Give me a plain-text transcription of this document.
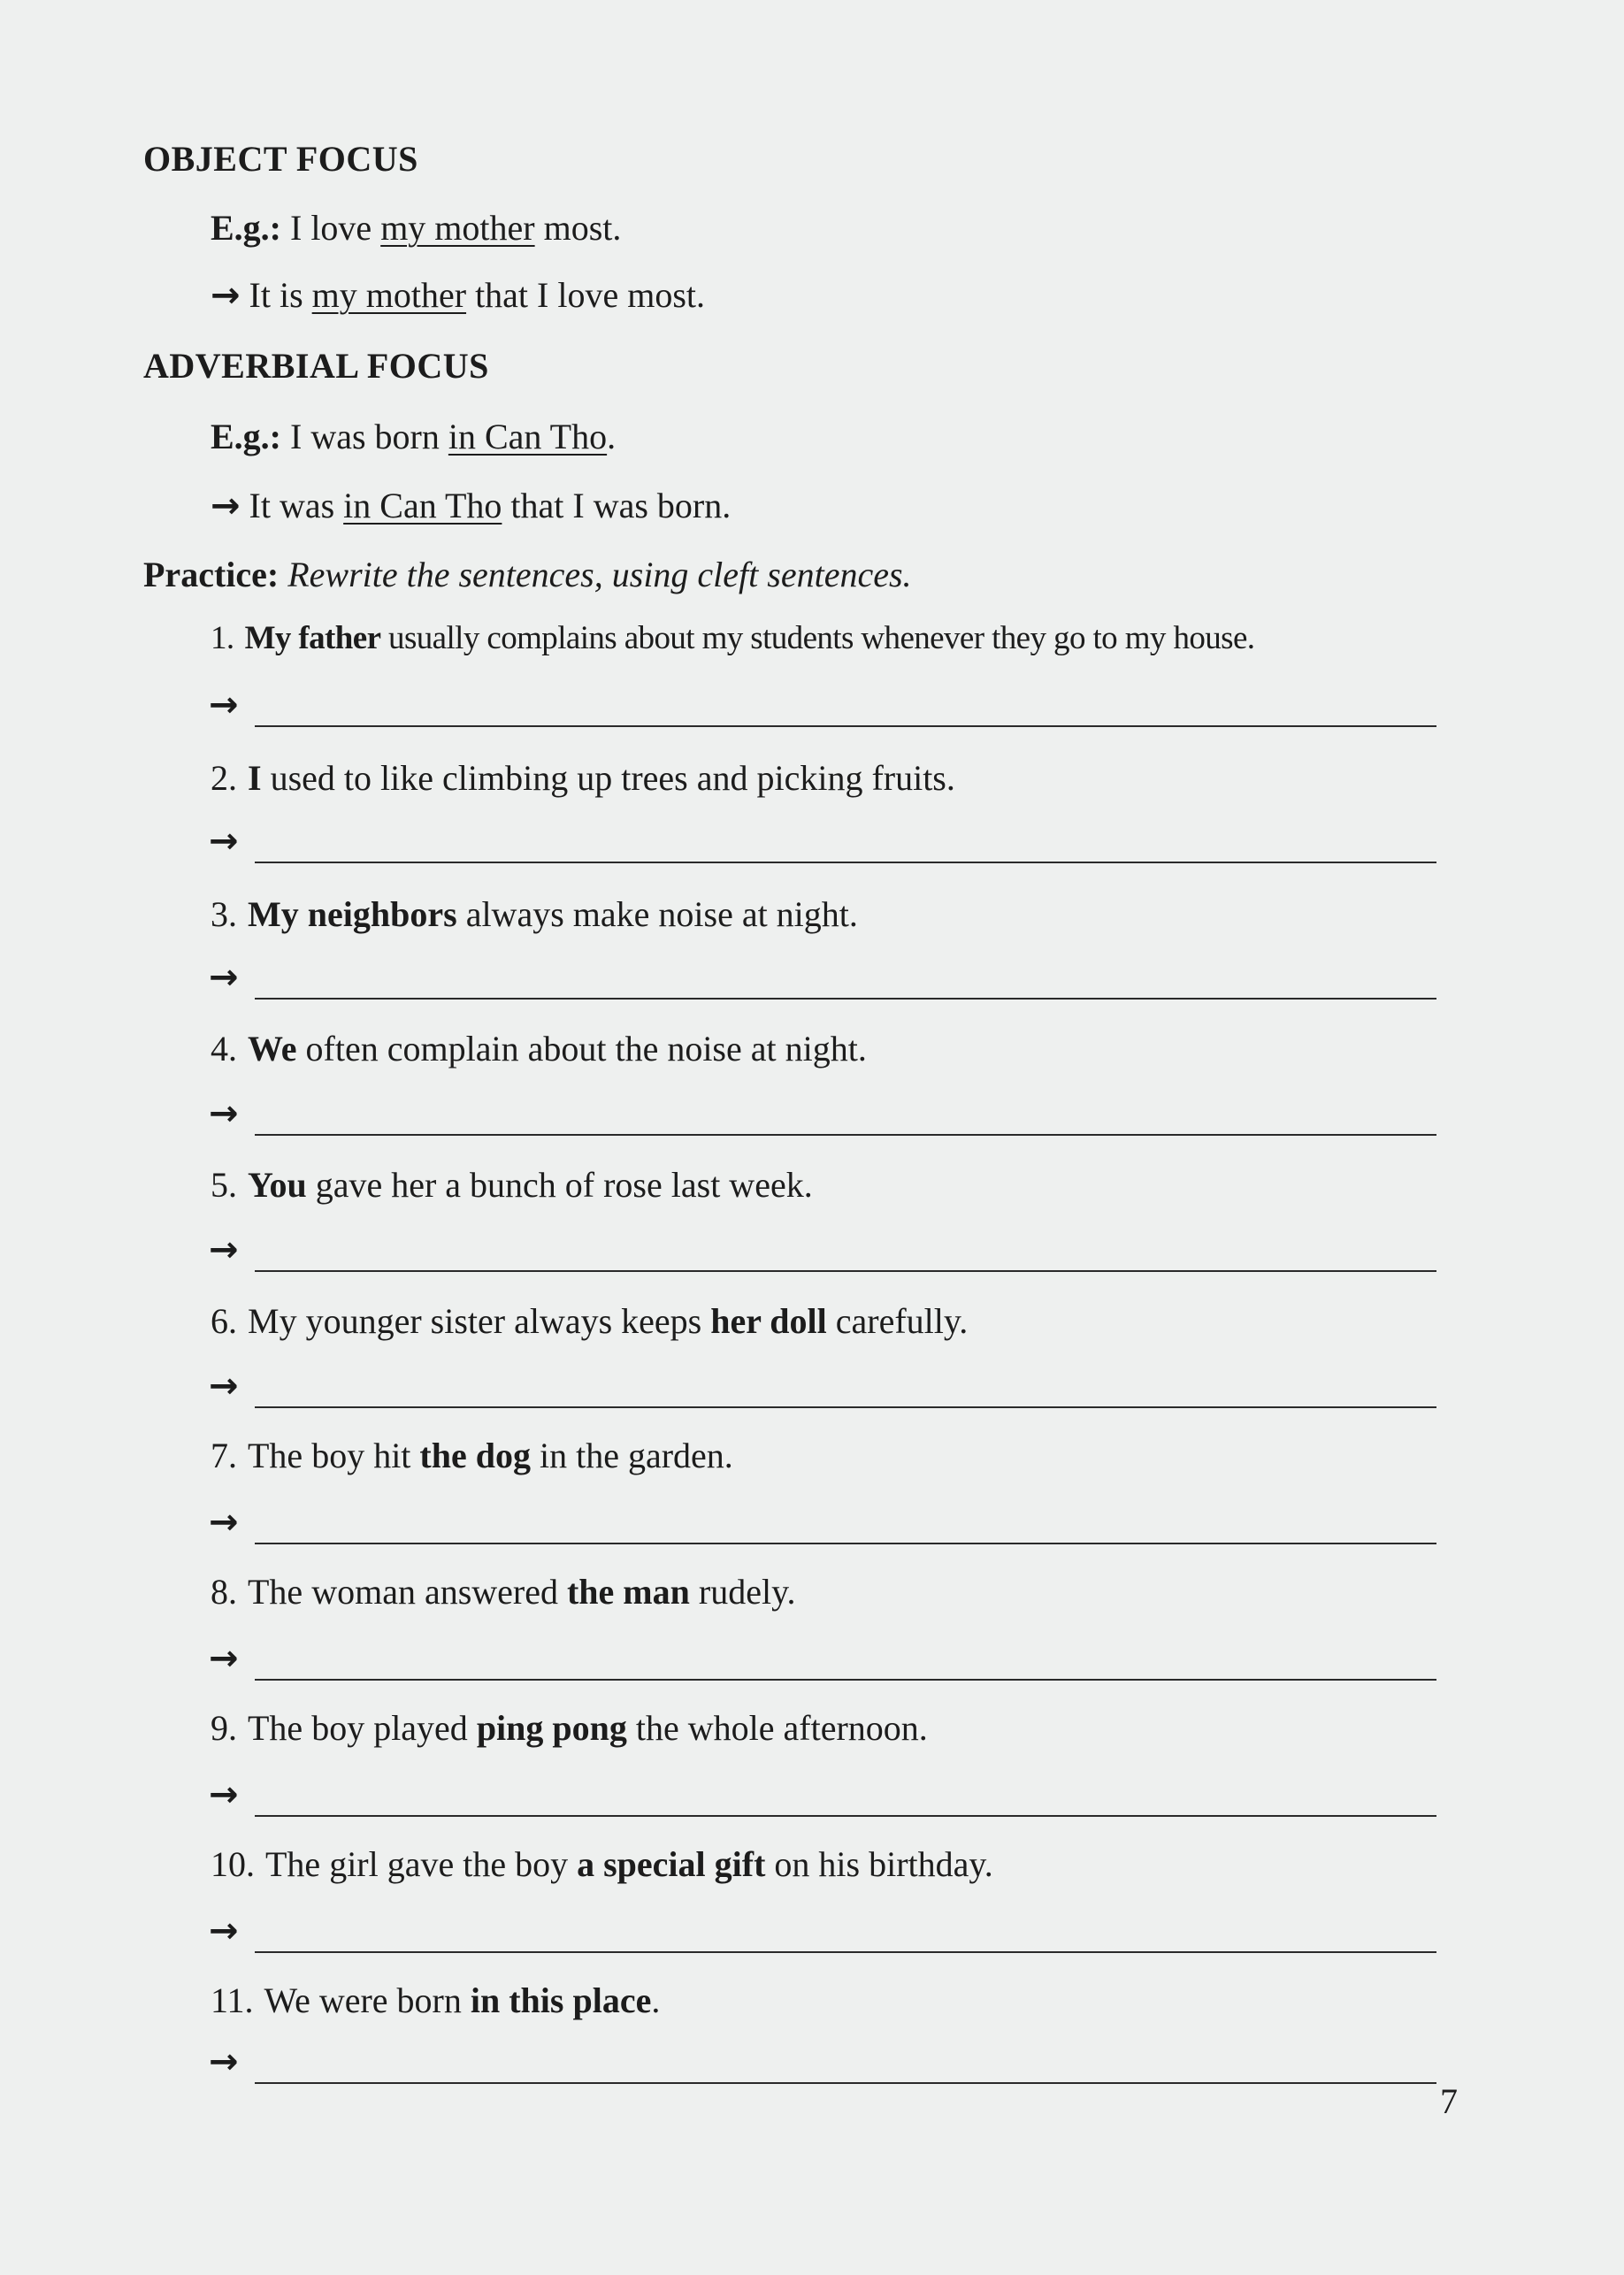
OBJECT FOCUS
E.g.: I love my mother most.
→ It is my mother that I love most.
ADVERBIAL FOCUS
E.g.: I was born in Can Tho.
→ It was in Can Tho that I was born.
Practice: Rewrite the sentences, using cleft sentences.
1. My father usually complains about my students whenever they go to my house.
→
2. I used to like climbing up trees and picking fruits.
→
3. My neighbors always make noise at night.
→
4. We often complain about the noise at night.
→
5. You gave her a bunch of rose last week.
→
6. My younger sister always keeps her doll carefully.
→
7. The boy hit the dog in the garden.
→
8. The woman answered the man rudely.
→
9. The boy played ping pong the whole afternoon.
→
10. The girl gave the boy a special gift on his birthday.
→
11. We were born in this place.
→
7
